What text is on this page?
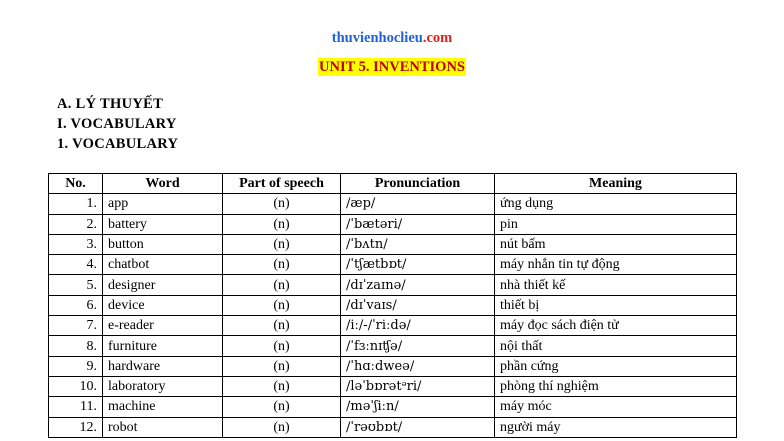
thuvienhoclieu.com
UNIT 5. INVENTIONS
A. LÝ THUYẾT
I. VOCABULARY
1. VOCABULARY
No.	Word	Part of speech	Pronunciation	Meaning
1.	app	(n)	/æp/	ứng dụng
2.	battery	(n)	/ˈbætəri/	pin
3.	button	(n)	/ˈbʌtn/	nút bấm
4.	chatbot	(n)	/ˈtʃætbɒt/	máy nhắn tin tự động
5.	designer	(n)	/dɪˈzaɪnə/	nhà thiết kế
6.	device	(n)	/dɪˈvaɪs/	thiết bị
7.	e-reader	(n)	/iː/-/ˈriːdə/	máy đọc sách điện tử
8.	furniture	(n)	/ˈfɜːnɪʧə/	nội thất
9.	hardware	(n)	/ˈhɑːdweə/	phần cứng
10.	laboratory	(n)	/ləˈbɒrətᵊri/	phòng thí nghiệm
11.	machine	(n)	/məˈʃiːn/	máy móc
12.	robot	(n)	/ˈrəʊbɒt/	người máy
